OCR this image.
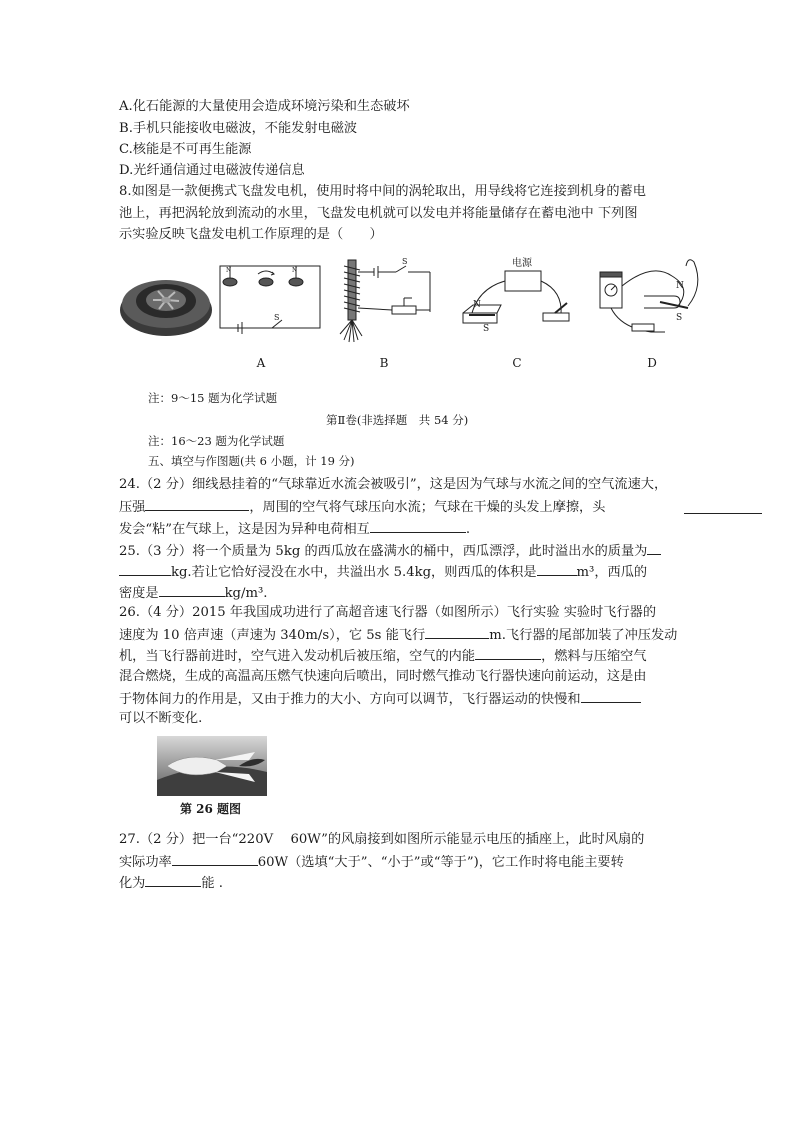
A.化石能源的大量使用会造成环境污染和生态破坏
B.手机只能接收电磁波，不能发射电磁波
C.核能是不可再生能源
D.光纤通信通过电磁波传递信息
8.如图是一款便携式飞盘发电机，使用时将中间的涡轮取出，用导线将它连接到机身的蓄电
池上，再把涡轮放到流动的水里，飞盘发电机就可以发电并将能量储存在蓄电池中 下列图
示实验反映飞盘发电机工作原理的是（　　）
N	N
S
S
N
S
电源
N
S
A	B	C	D
注：9～15 题为化学试题
第Ⅱ卷(非选择题　共 54 分)
注：16～23 题为化学试题
五、填空与作图题(共 6 小题，计 19 分)
24.（2 分）细线悬挂着的“气球靠近水流会被吸引”，这是因为气球与水流之间的空气流速大，
压强	，周围的空气将气球压向水流；气球在干燥的头发上摩擦，头
发会“粘”在气球上，这是因为异种电荷相互	.
25.（3 分）将一个质量为 5kg 的西瓜放在盛满水的桶中，西瓜漂浮，此时溢出水的质量为
kg.若让它恰好浸没在水中，共溢出水 5.4kg，则西瓜的体积是	m³，西瓜的
密度是	kg/m³.
26.（4 分）2015 年我国成功进行了高超音速飞行器（如图所示）飞行实验 实验时飞行器的
速度为 10 倍声速（声速为 340m/s），它 5s 能飞行	m.飞行器的尾部加装了冲压发动
机，当飞行器前进时，空气进入发动机后被压缩，空气的内能	，燃料与压缩空气
混合燃烧，生成的高温高压燃气快速向后喷出，同时燃气推动飞行器快速向前运动，这是由
于物体间力的作用是，又由于推力的大小、方向可以调节，飞行器运动的快慢和
可以不断变化.
第 26 题图
27.（2 分）把一台“220V　 60W”的风扇接到如图所示能显示电压的插座上，此时风扇的
实际功率	60W（选填“大于”、“小于”或“等于”)，它工作时将电能主要转
化为	能 .
